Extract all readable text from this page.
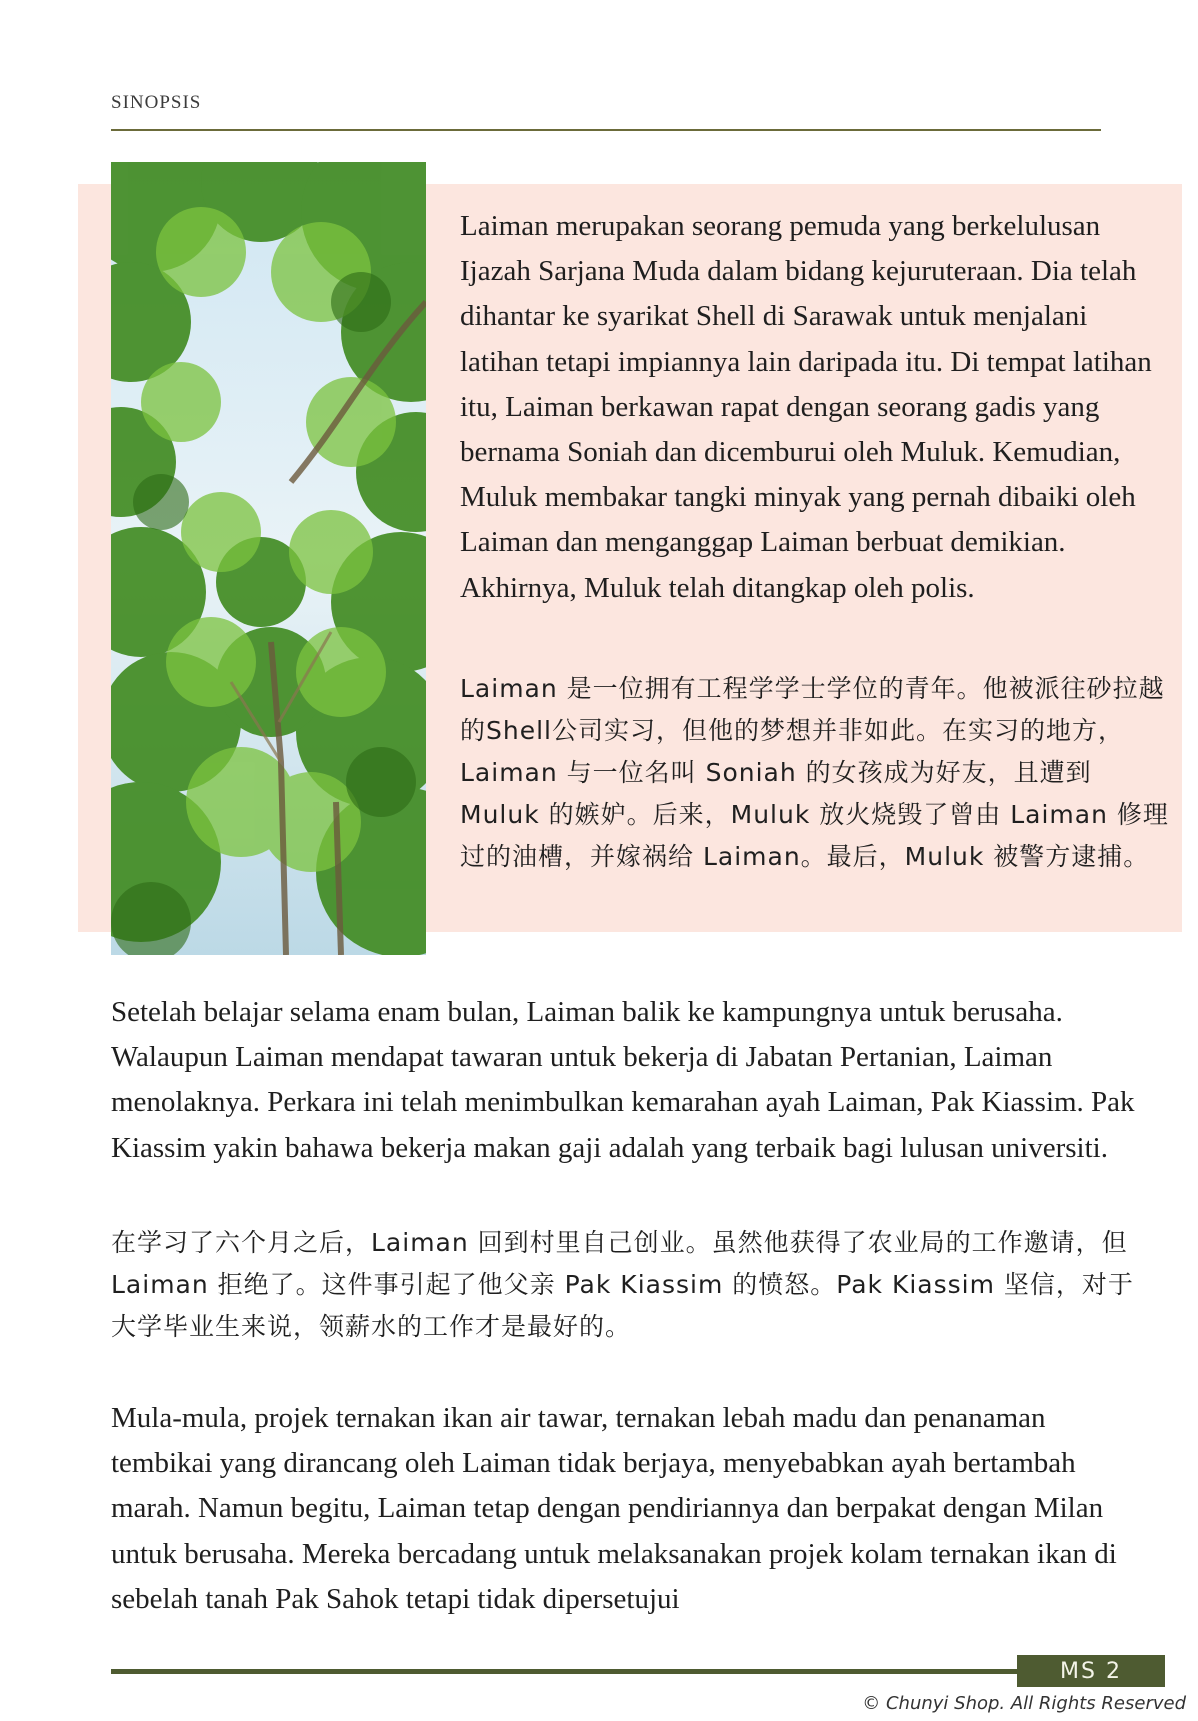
SINOPSIS
Laiman merupakan seorang pemuda yang berkelulusan Ijazah Sarjana Muda dalam bidang kejuruteraan. Dia telah dihantar ke syarikat Shell di Sarawak untuk menjalani latihan tetapi impiannya lain daripada itu. Di tempat latihan itu, Laiman berkawan rapat dengan seorang gadis yang bernama Soniah dan dicemburui oleh Muluk. Kemudian, Muluk membakar tangki minyak yang pernah dibaiki oleh Laiman dan menganggap Laiman berbuat demikian. Akhirnya, Muluk telah ditangkap oleh polis.
Laiman 是一位拥有工程学学士学位的青年。他被派往砂拉越的Shell公司实习，但他的梦想并非如此。在实习的地方，Laiman 与一位名叫 Soniah 的女孩成为好友，且遭到 Muluk 的嫉妒。后来，Muluk 放火烧毁了曾由 Laiman 修理过的油槽，并嫁祸给 Laiman。最后，Muluk 被警方逮捕。
Setelah belajar selama enam bulan, Laiman balik ke kampungnya untuk berusaha. Walaupun Laiman mendapat tawaran untuk bekerja di Jabatan Pertanian, Laiman menolaknya. Perkara ini telah menimbulkan kemarahan ayah Laiman, Pak Kiassim. Pak Kiassim yakin bahawa bekerja makan gaji adalah yang terbaik bagi lulusan universiti.
在学习了六个月之后，Laiman 回到村里自己创业。虽然他获得了农业局的工作邀请，但 Laiman 拒绝了。这件事引起了他父亲 Pak Kiassim 的愤怒。Pak Kiassim 坚信，对于大学毕业生来说，领薪水的工作才是最好的。
Mula-mula, projek ternakan ikan air tawar, ternakan lebah madu dan penanaman tembikai yang dirancang oleh Laiman tidak berjaya, menyebabkan ayah bertambah marah. Namun begitu, Laiman tetap dengan pendiriannya dan berpakat dengan Milan untuk berusaha. Mereka bercadang untuk melaksanakan projek kolam ternakan ikan di sebelah tanah Pak Sahok tetapi tidak dipersetujui
MS 2
© Chunyi Shop. All Rights Reserved
